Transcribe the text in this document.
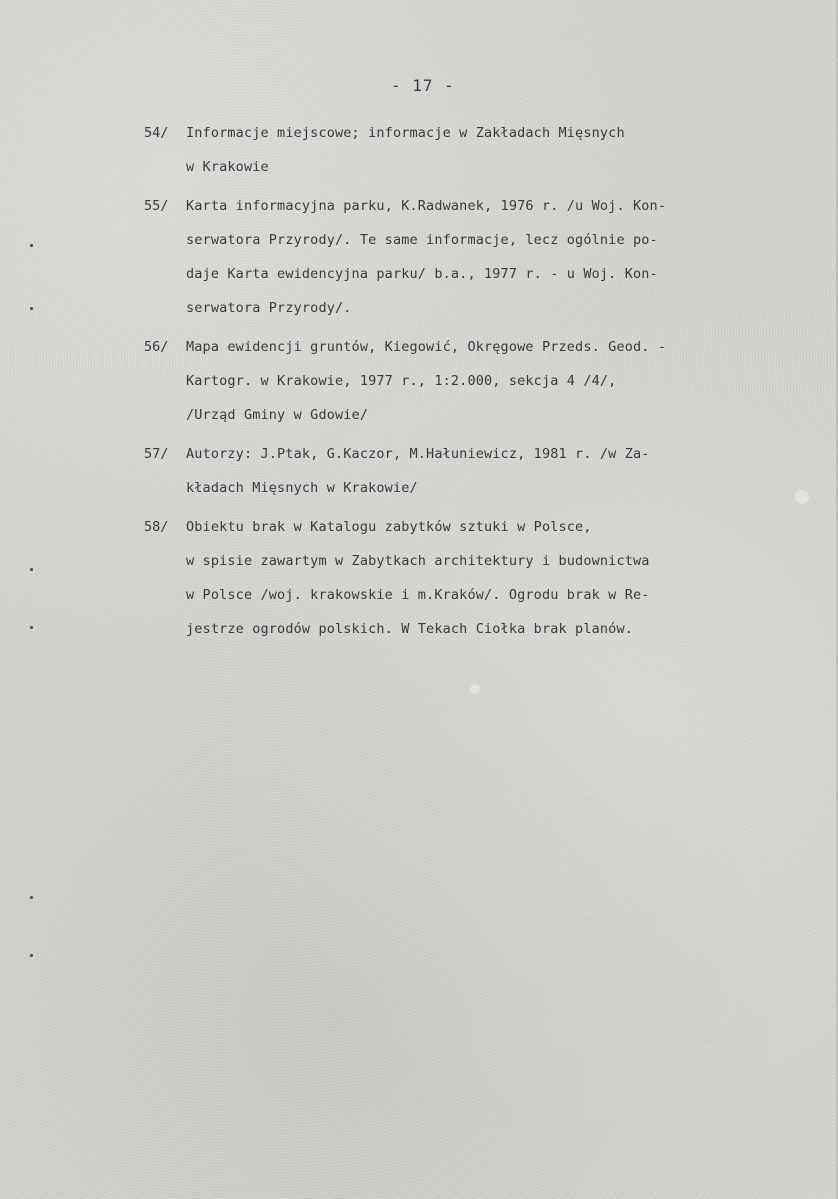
- 17 -
54/ Informacje miejscowe; informacje w Zakładach Mięsnych
w Krakowie
55/ Karta informacyjna parku, K.Radwanek, 1976 r. /u Woj. Kon-
serwatora Przyrody/. Te same informacje, lecz ogólnie po-
daje Karta ewidencyjna parku/ b.a., 1977 r. - u Woj. Kon-
serwatora Przyrody/.
56/ Mapa ewidencji gruntów, Kiegowić, Okręgowe Przeds. Geod. -
Kartogr. w Krakowie, 1977 r., 1:2.000, sekcja 4 /4/,
/Urząd Gminy w Gdowie/
57/ Autorzy: J.Ptak, G.Kaczor, M.Hałuniewicz, 1981 r. /w Za-
kładach Mięsnych w Krakowie/
58/ Obiektu brak w Katalogu zabytków sztuki w Polsce,
w spisie zawartym w Zabytkach architektury i budownictwa
w Polsce /woj. krakowskie i m.Kraków/. Ogrodu brak w Re-
jestrze ogrodów polskich. W Tekach Ciołka brak planów.
